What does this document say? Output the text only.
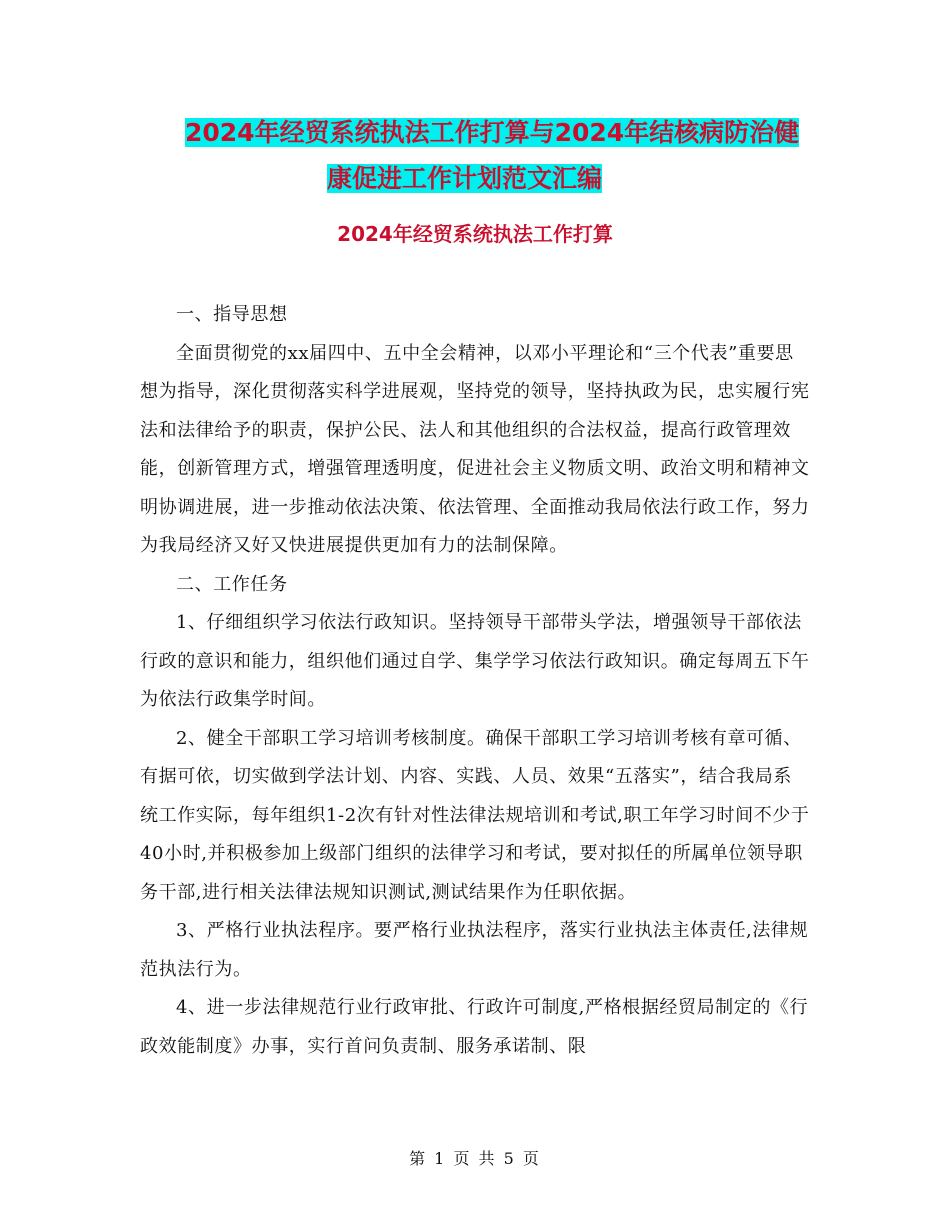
2024年经贸系统执法工作打算与2024年结核病防治健
康促进工作计划范文汇编
2024年经贸系统执法工作打算

一、指导思想

全面贯彻党的xx届四中、五中全会精神，以邓小平理论和“三个代表”重要思想为指导，深化贯彻落实科学进展观，坚持党的领导，坚持执政为民，忠实履行宪法和法律给予的职责，保护公民、法人和其他组织的合法权益，提高行政管理效能，创新管理方式，增强管理透明度，促进社会主义物质文明、政治文明和精神文明协调进展，进一步推动依法决策、依法管理、全面推动我局依法行政工作，努力为我局经济又好又快进展提供更加有力的法制保障。

二、工作任务

1、仔细组织学习依法行政知识。坚持领导干部带头学法，增强领导干部依法行政的意识和能力，组织他们通过自学、集学学习依法行政知识。确定每周五下午为依法行政集学时间。

2、健全干部职工学习培训考核制度。确保干部职工学习培训考核有章可循、有据可依，切实做到学法计划、内容、实践、人员、效果“五落实”，结合我局系统工作实际，每年组织1-2次有针对性法律法规培训和考试,职工年学习时间不少于40小时,并积极参加上级部门组织的法律学习和考试，要对拟任的所属单位领导职务干部,进行相关法律法规知识测试,测试结果作为任职依据。

3、严格行业执法程序。要严格行业执法程序，落实行业执法主体责任,法律规范执法行为。

4、进一步法律规范行业行政审批、行政许可制度,严格根据经贸局制定的《行政效能制度》办事，实行首问负责制、服务承诺制、限

第 1 页 共 5 页
